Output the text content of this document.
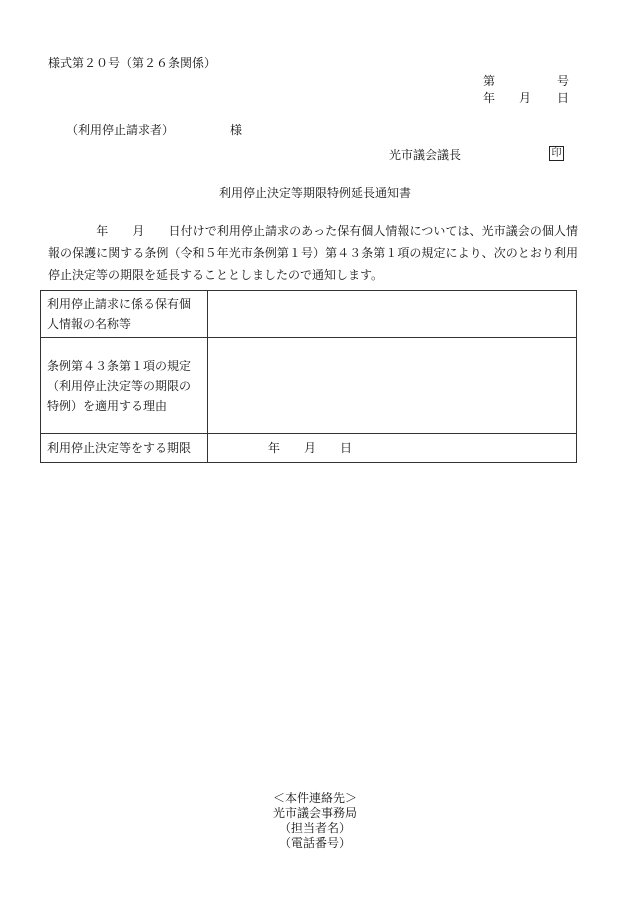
様式第２０号（第２６条関係）
第	号
年 月 日
（利用停止請求者）	様
光市議会議長	印
利用停止決定等期限特例延長通知書
　　　　年　　月　　日付けで利用停止請求のあった保有個人情報については、光市議会の個人情報の保護に関する条例（令和５年光市条例第１号）第４３条第１項の規定により、次のとおり利用停止決定等の期限を延長することとしましたので通知します。
利用停止請求に係る保有個人情報の名称等	
条例第４３条第１項の規定（利用停止決定等の期限の特例）を適用する理由	
利用停止決定等をする期限	年　　月　　日
＜本件連絡先＞
光市議会事務局
（担当者名）
（電話番号）
